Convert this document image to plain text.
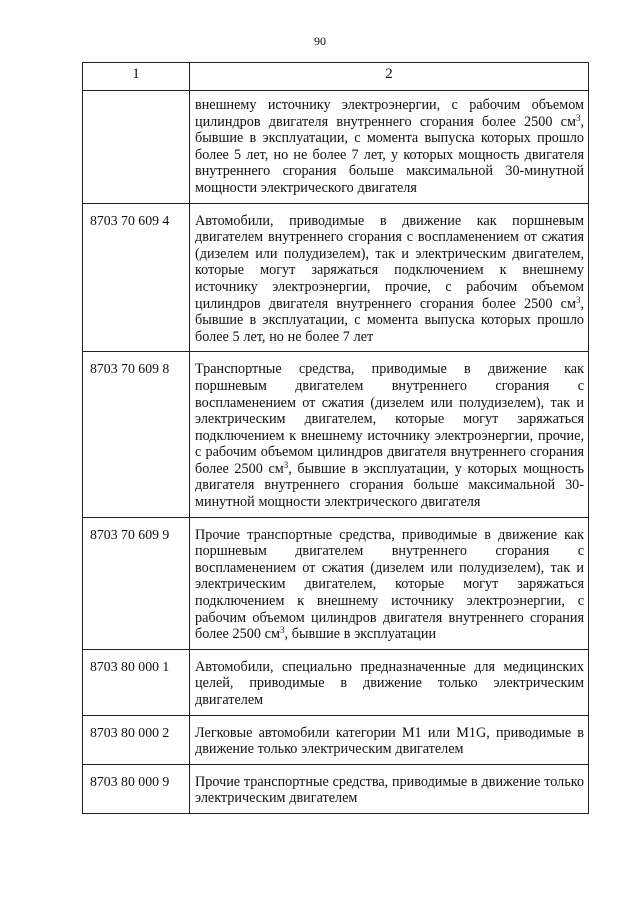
90
1	2
	внешнему источнику электроэнергии, с рабочим объемом цилиндров двигателя внутреннего сгорания более 2500 $см^3$, бывшие в эксплуатации, с момента выпуска которых прошло более 5 лет, но не более 7 лет, у которых мощность двигателя внутреннего сгорания больше максимальной 30-минутной мощности электрического двигателя
8703 70 609 4	Автомобили, приводимые в движение как поршневым двигателем внутреннего сгорания с воспламенением от сжатия (дизелем или полудизелем), так и электрическим двигателем, которые могут заряжаться подключением к внешнему источнику электроэнергии, прочие, с рабочим объемом цилиндров двигателя внутреннего сгорания более 2500 $см^3$, бывшие в эксплуатации, с момента выпуска которых прошло более 5 лет, но не более 7 лет
8703 70 609 8	Транспортные средства, приводимые в движение как поршневым двигателем внутреннего сгорания с воспламенением от сжатия (дизелем или полудизелем), так и электрическим двигателем, которые могут заряжаться подключением к внешнему источнику электроэнергии, прочие, с рабочим объемом цилиндров двигателя внутреннего сгорания более 2500 $см^3$, бывшие в эксплуатации, у которых мощность двигателя внутреннего сгорания больше максимальной 30-минутной мощности электрического двигателя
8703 70 609 9	Прочие транспортные средства, приводимые в движение как поршневым двигателем внутреннего сгорания с воспламенением от сжатия (дизелем или полудизелем), так и электрическим двигателем, которые могут заряжаться подключением к внешнему источнику электроэнергии, с рабочим объемом цилиндров двигателя внутреннего сгорания более 2500 $см^3$, бывшие в эксплуатации
8703 80 000 1	Автомобили, специально предназначенные для медицинских целей, приводимые в движение только электрическим двигателем
8703 80 000 2	Легковые автомобили категории M1 или M1G, приводимые в движение только электрическим двигателем
8703 80 000 9	Прочие транспортные средства, приводимые в движение только электрическим двигателем
